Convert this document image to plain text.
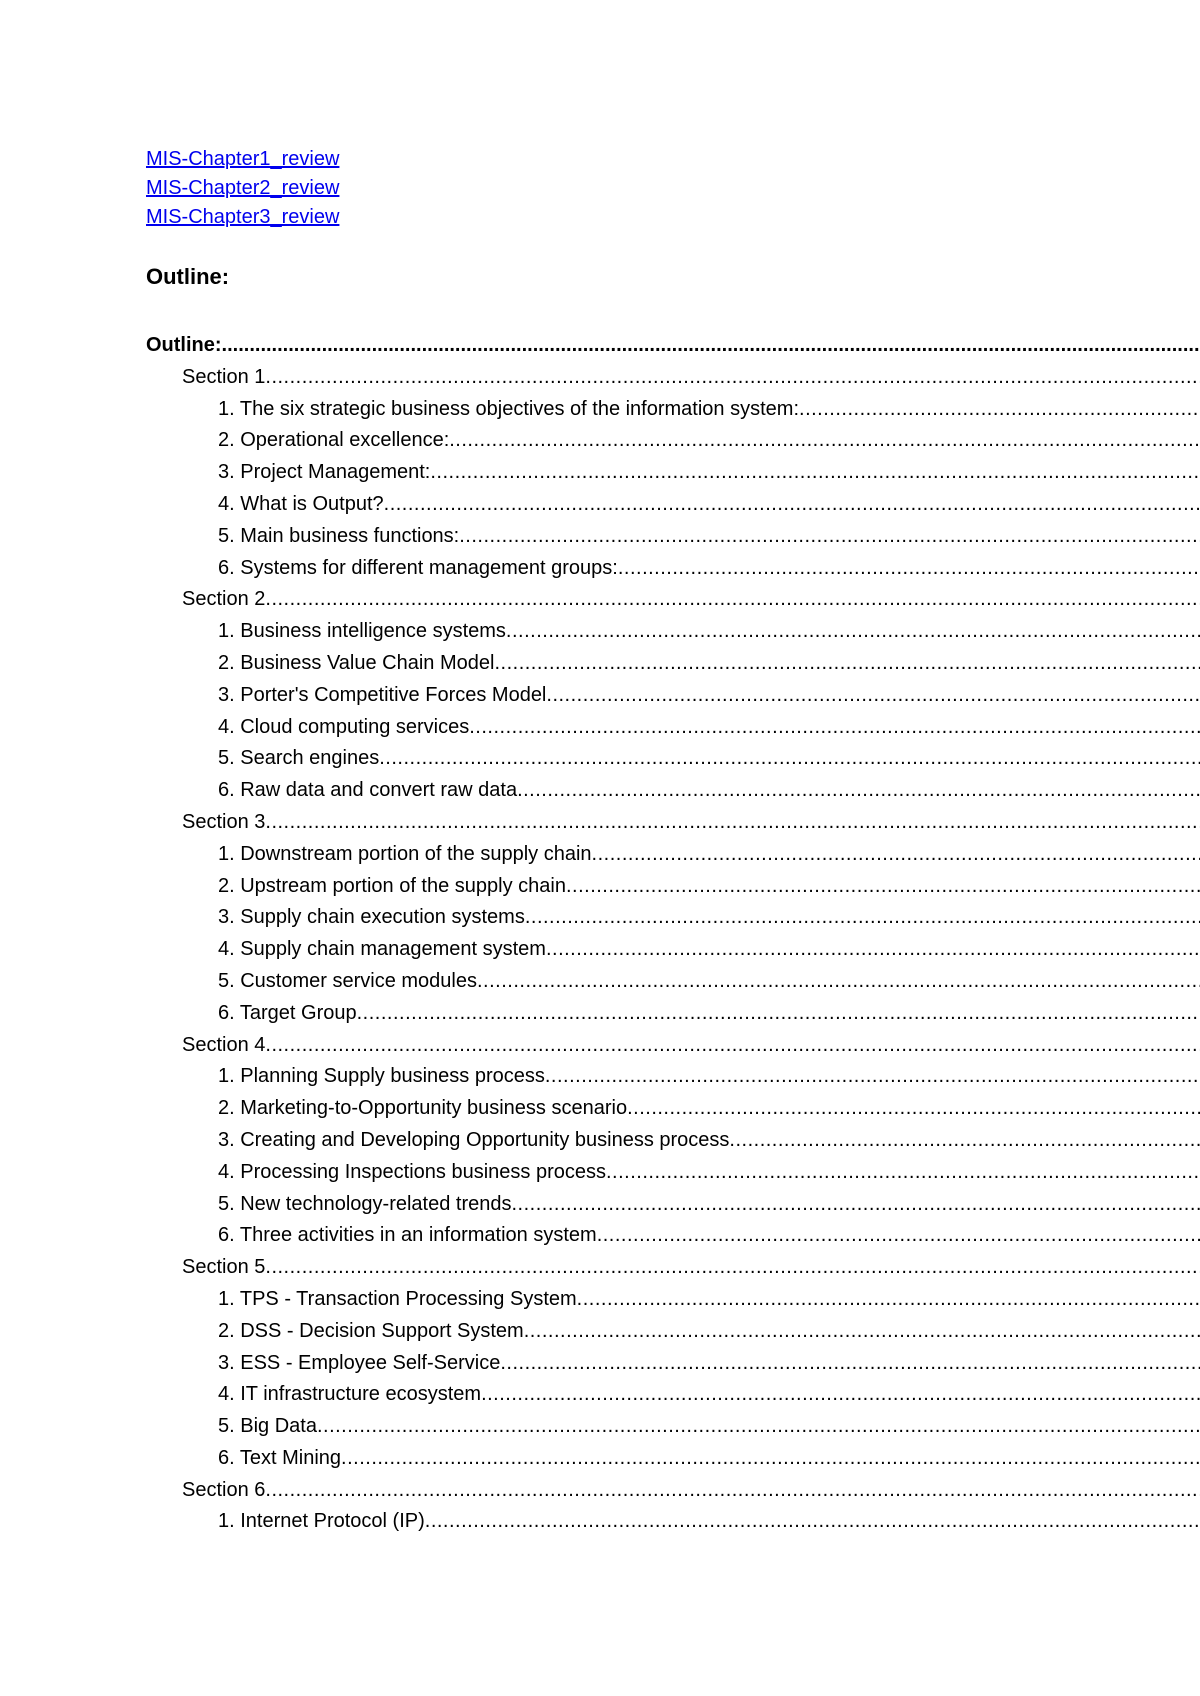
MIS-Chapter1_review
MIS-Chapter2_review
MIS-Chapter3_review
Outline:
Outline:
.....
Section 1
.....
1. The six strategic business objectives of the information system:
.....
2. Operational excellence:
.....
3. Project Management:
.....
4. What is Output?
.....
5. Main business functions:
.....
6. Systems for different management groups:
.....
Section 2
.....
1. Business intelligence systems
.....
2. Business Value Chain Model
.....
3. Porter's Competitive Forces Model
.....
4. Cloud computing services
.....
5. Search engines
.....
6. Raw data and convert raw data
.....
Section 3
.....
1. Downstream portion of the supply chain
.....
2. Upstream portion of the supply chain
.....
3. Supply chain execution systems
.....
4. Supply chain management system
.....
5. Customer service modules
.....
6. Target Group
.....
Section 4
.....
1. Planning Supply business process
.....
2. Marketing-to-Opportunity business scenario
.....
3. Creating and Developing Opportunity business process
.....
4. Processing Inspections business process
.....
5. New technology-related trends
.....
6. Three activities in an information system
.....
Section 5
.....
1. TPS - Transaction Processing System
.....
2. DSS - Decision Support System
.....
3. ESS - Employee Self-Service
.....
4. IT infrastructure ecosystem
.....
5. Big Data
.....
6. Text Mining
.....
Section 6
.....
1. Internet Protocol (IP)
.....
